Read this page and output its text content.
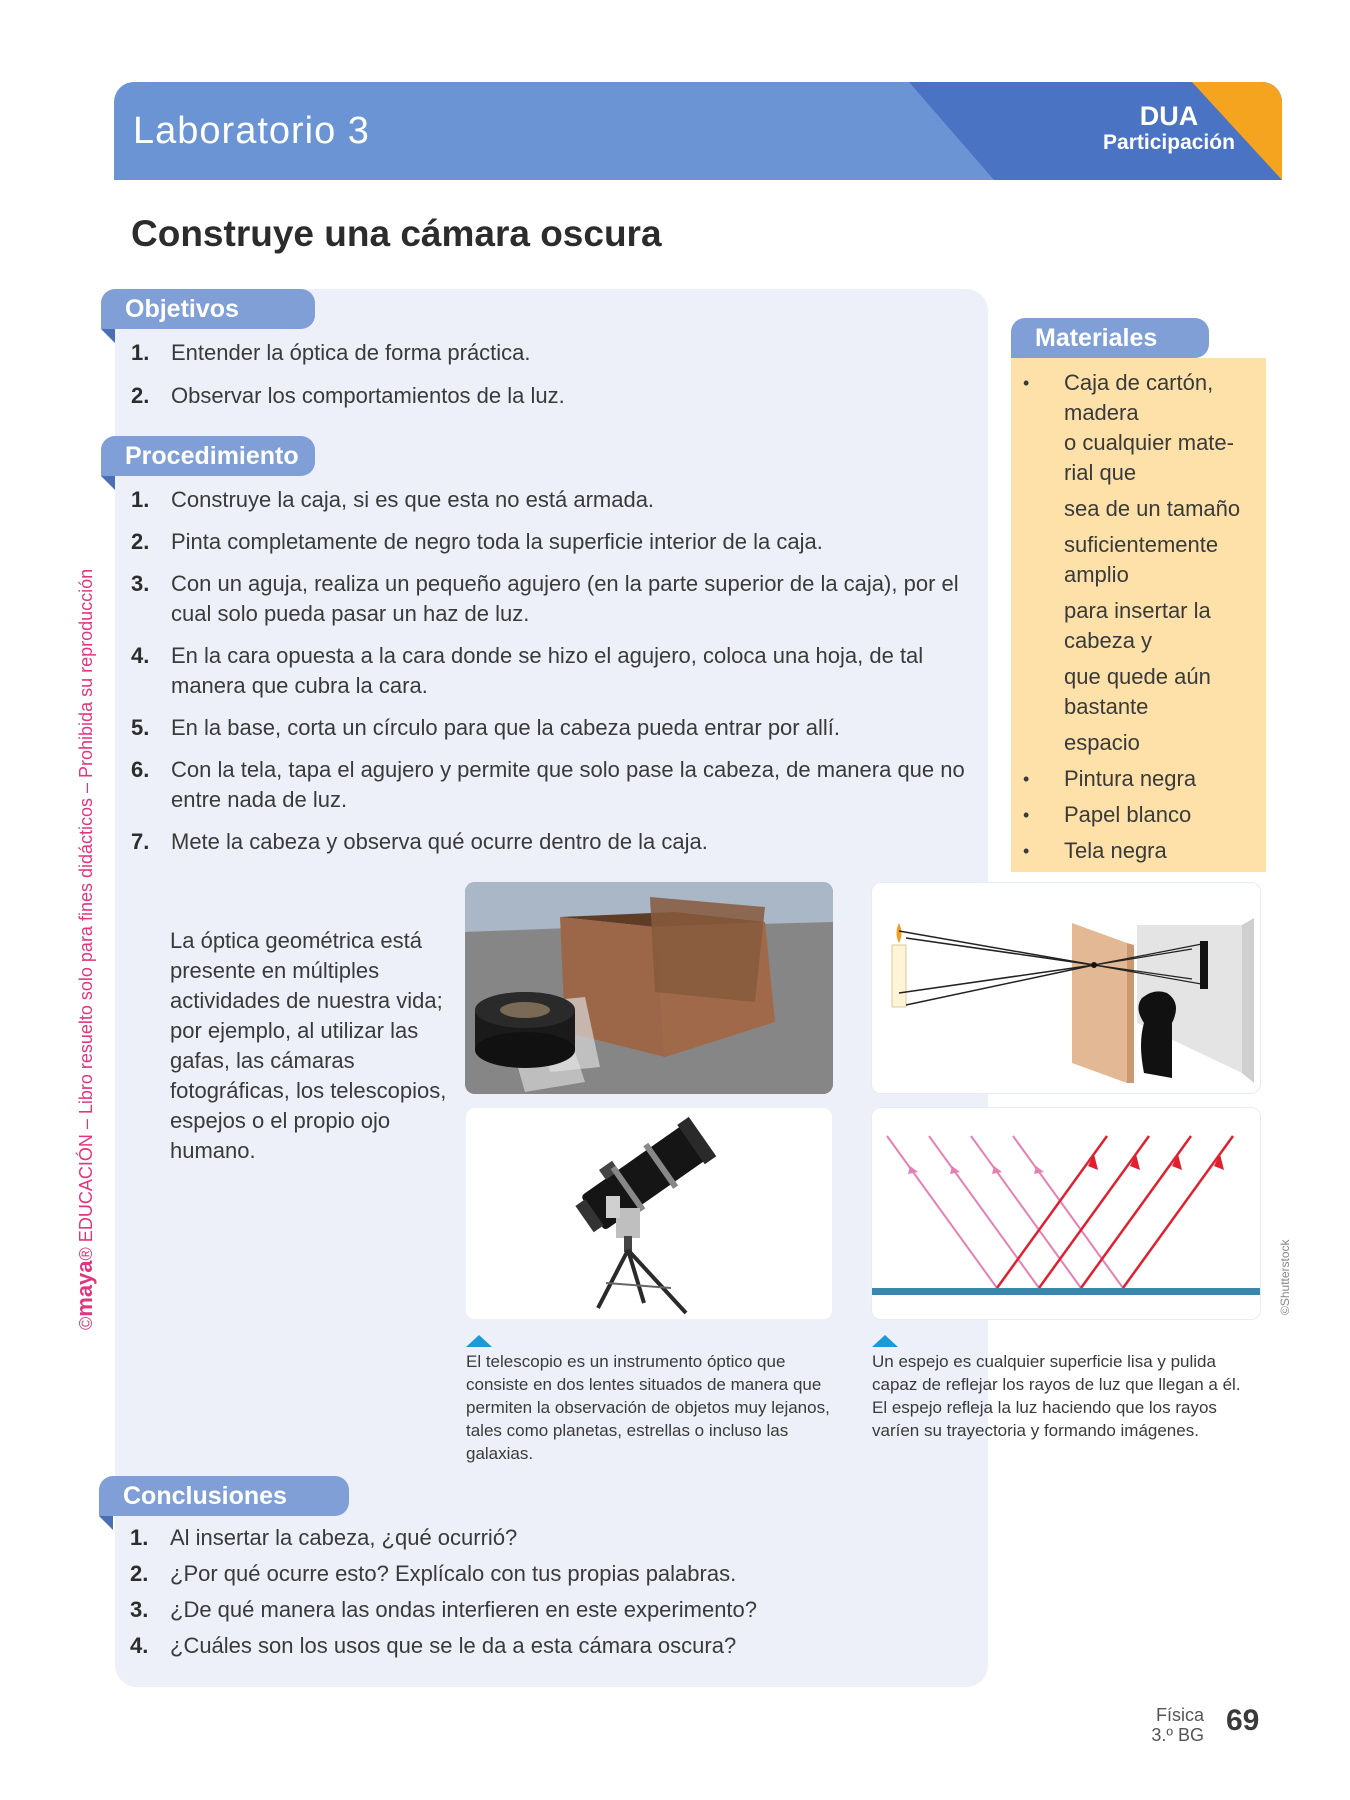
Laboratorio 3	DUA
Participación
Construye una cámara oscura
©maya® EDUCACIÓN – Libro resuelto solo para fines didácticos – Prohibida su reproducción
Objetivos
1. Entender la óptica de forma práctica.
2. Observar los comportamientos de la luz.
Procedimiento
1. Construye la caja, si es que esta no está armada.
2. Pinta completamente de negro toda la superficie interior de la caja.
3. Con un aguja, realiza un pequeño agujero (en la parte superior de la caja), por el cual solo pueda pasar un haz de luz.
4. En la cara opuesta a la cara donde se hizo el agujero, coloca una hoja, de tal manera que cubra la cara.
5. En la base, corta un círculo para que la cabeza pueda entrar por allí.
6. Con la tela, tapa el agujero y permite que solo pase la cabeza, de manera que no entre nada de luz.
7. Mete la cabeza y observa qué ocurre dentro de la caja.
Materiales
• Caja de cartón,
madera
o cualquier mate-

rial que
sea de un tamaño
suficientemente

amplio
para insertar la

cabeza y
que quede aún

bastante
espacio
• Pintura negra
• Papel blanco
• Tela negra
La óptica geométrica está presente en múltiples actividades de nuestra vida; por ejemplo, al utilizar las gafas, las cámaras fotográficas, los telescopios, espejos o el propio ojo humano.
©Shutterstock
El telescopio es un instrumento óptico que consiste en dos lentes situados de manera que permiten la observación de objetos muy lejanos, tales como planetas, estrellas o incluso las galaxias.
Un espejo es cualquier superficie lisa y pulida capaz de reflejar los rayos de luz que llegan a él. El espejo refleja la luz haciendo que los rayos varíen su trayectoria y formando imágenes.
Conclusiones
1. Al insertar la cabeza, ¿qué ocurrió?
2. ¿Por qué ocurre esto? Explícalo con tus propias palabras.
3. ¿De qué manera las ondas interfieren en este experimento?
4. ¿Cuáles son los usos que se le da a esta cámara oscura?
Física
3.º BG 69
